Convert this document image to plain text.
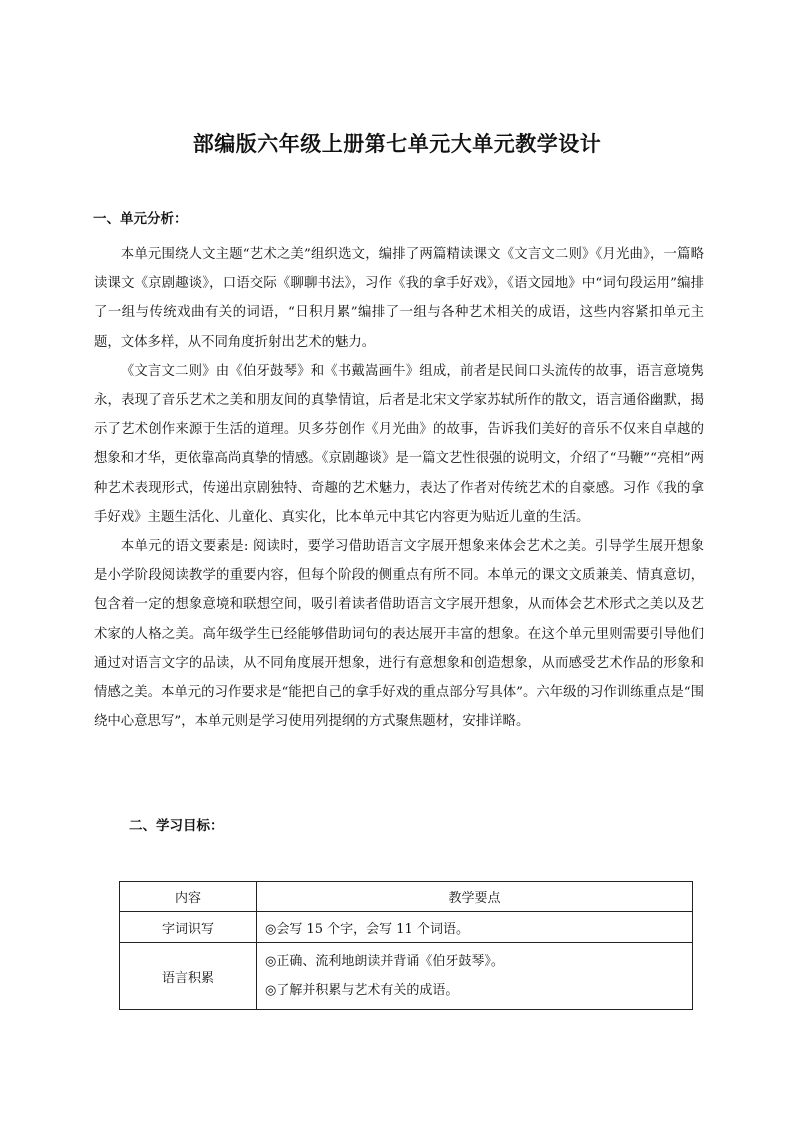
部编版六年级上册第七单元大单元教学设计
一、单元分析：

本单元围绕人文主题“艺术之美”组织选文，编排了两篇精读课文《文言文二则》《月光曲》，一篇略读课文《京剧趣谈》，口语交际《聊聊书法》，习作《我的拿手好戏》，《语文园地》中“词句段运用”编排了一组与传统戏曲有关的词语，“日积月累”编排了一组与各种艺术相关的成语，这些内容紧扣单元主题，文体多样，从不同角度折射出艺术的魅力。

《文言文二则》由《伯牙鼓琴》和《书戴嵩画牛》组成，前者是民间口头流传的故事，语言意境隽永，表现了音乐艺术之美和朋友间的真挚情谊，后者是北宋文学家苏轼所作的散文，语言通俗幽默，揭示了艺术创作来源于生活的道理。贝多芬创作《月光曲》的故事，告诉我们美好的音乐不仅来自卓越的想象和才华，更依靠高尚真挚的情感。《京剧趣谈》是一篇文艺性很强的说明文，介绍了“马鞭”“亮相”两种艺术表现形式，传递出京剧独特、奇趣的艺术魅力，表达了作者对传统艺术的自豪感。习作《我的拿手好戏》主题生活化、儿童化、真实化，比本单元中其它内容更为贴近儿童的生活。

本单元的语文要素是: 阅读时，要学习借助语言文字展开想象来体会艺术之美。引导学生展开想象是小学阶段阅读教学的重要内容，但每个阶段的侧重点有所不同。本单元的课文文质兼美、情真意切，包含着一定的想象意境和联想空间，吸引着读者借助语言文字展开想象，从而体会艺术形式之美以及艺术家的人格之美。高年级学生已经能够借助词句的表达展开丰富的想象。在这个单元里则需要引导他们通过对语言文字的品读，从不同角度展开想象，进行有意想象和创造想象，从而感受艺术作品的形象和情感之美。本单元的习作要求是“能把自己的拿手好戏的重点部分写具体”。六年级的习作训练重点是“围绕中心意思写”，本单元则是学习使用列提纲的方式聚焦题材，安排详略。

二、学习目标：
内容	教学要点
字词识写	◎会写 15 个字，会写 11 个词语。
语言积累	◎正确、流利地朗读并背诵《伯牙鼓琴》。
◎了解并积累与艺术有关的成语。
